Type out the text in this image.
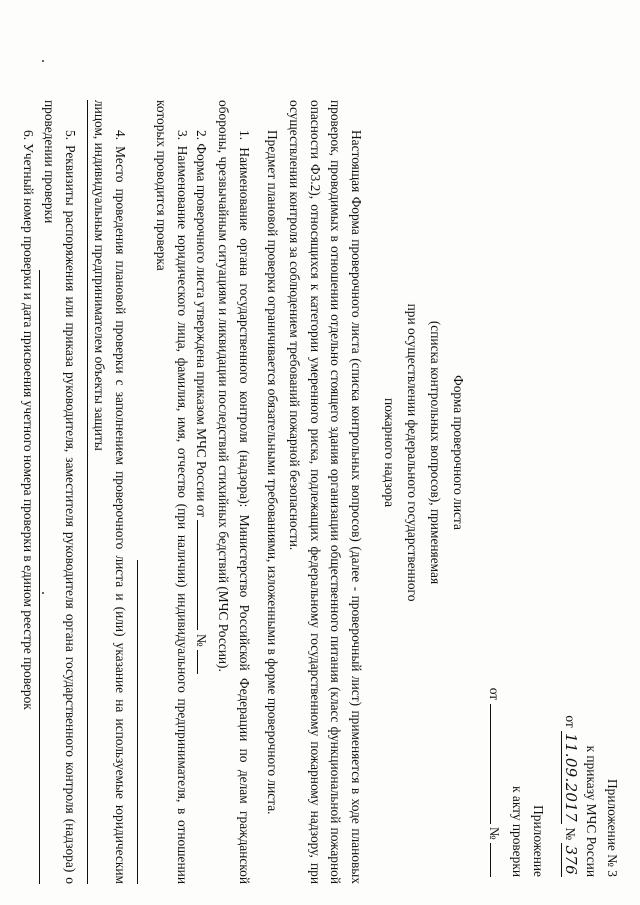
Приложение № 3
к приказу МЧС России
от 11.09.2017 № 376
Приложение
к акту проверки
от  №
Форма проверочного листа
(списка контрольных вопросов), применяемая
при осуществлении федерального государственного
пожарного надзора

Настоящая Форма проверочного листа (списка контрольных вопросов) (далее - проверочный лист) применяется в ходе плановых проверок, проводимых в отношении отдельно стоящего здания организации общественного питания (класс функциональной пожарной опасности Ф3.2), относящихся к категории умеренного риска, подлежащих федеральному государственному пожарному надзору, при осуществлении контроля за соблюдением требований пожарной безопасности.

Предмет плановой проверки ограничивается обязательными требованиями, изложенными в форме проверочного листа.

1. Наименование органа государственного контроля (надзора): Министерство Российской Федерации по делам гражданской обороны, чрезвычайным ситуациям и ликвидации последствий стихийных бедствий (МЧС России).

2. Форма проверочного листа утверждена приказом МЧС России от  №

3. Наименование юридического лица, фамилия, имя, отчество (при наличии) индивидуального предпринимателя, в отношении которых проводится проверка

4. Место проведения плановой проверки с заполнением проверочного листа и (или) указание на используемые юридическим лицом, индивидуальным предпринимателем объекты защиты

5. Реквизиты распоряжения или приказа руководителя, заместителя руководителя органа государственного контроля (надзора) о проведении проверки

6. Учетный номер проверки и дата присвоения учетного номера проверки в едином реестре проверок
